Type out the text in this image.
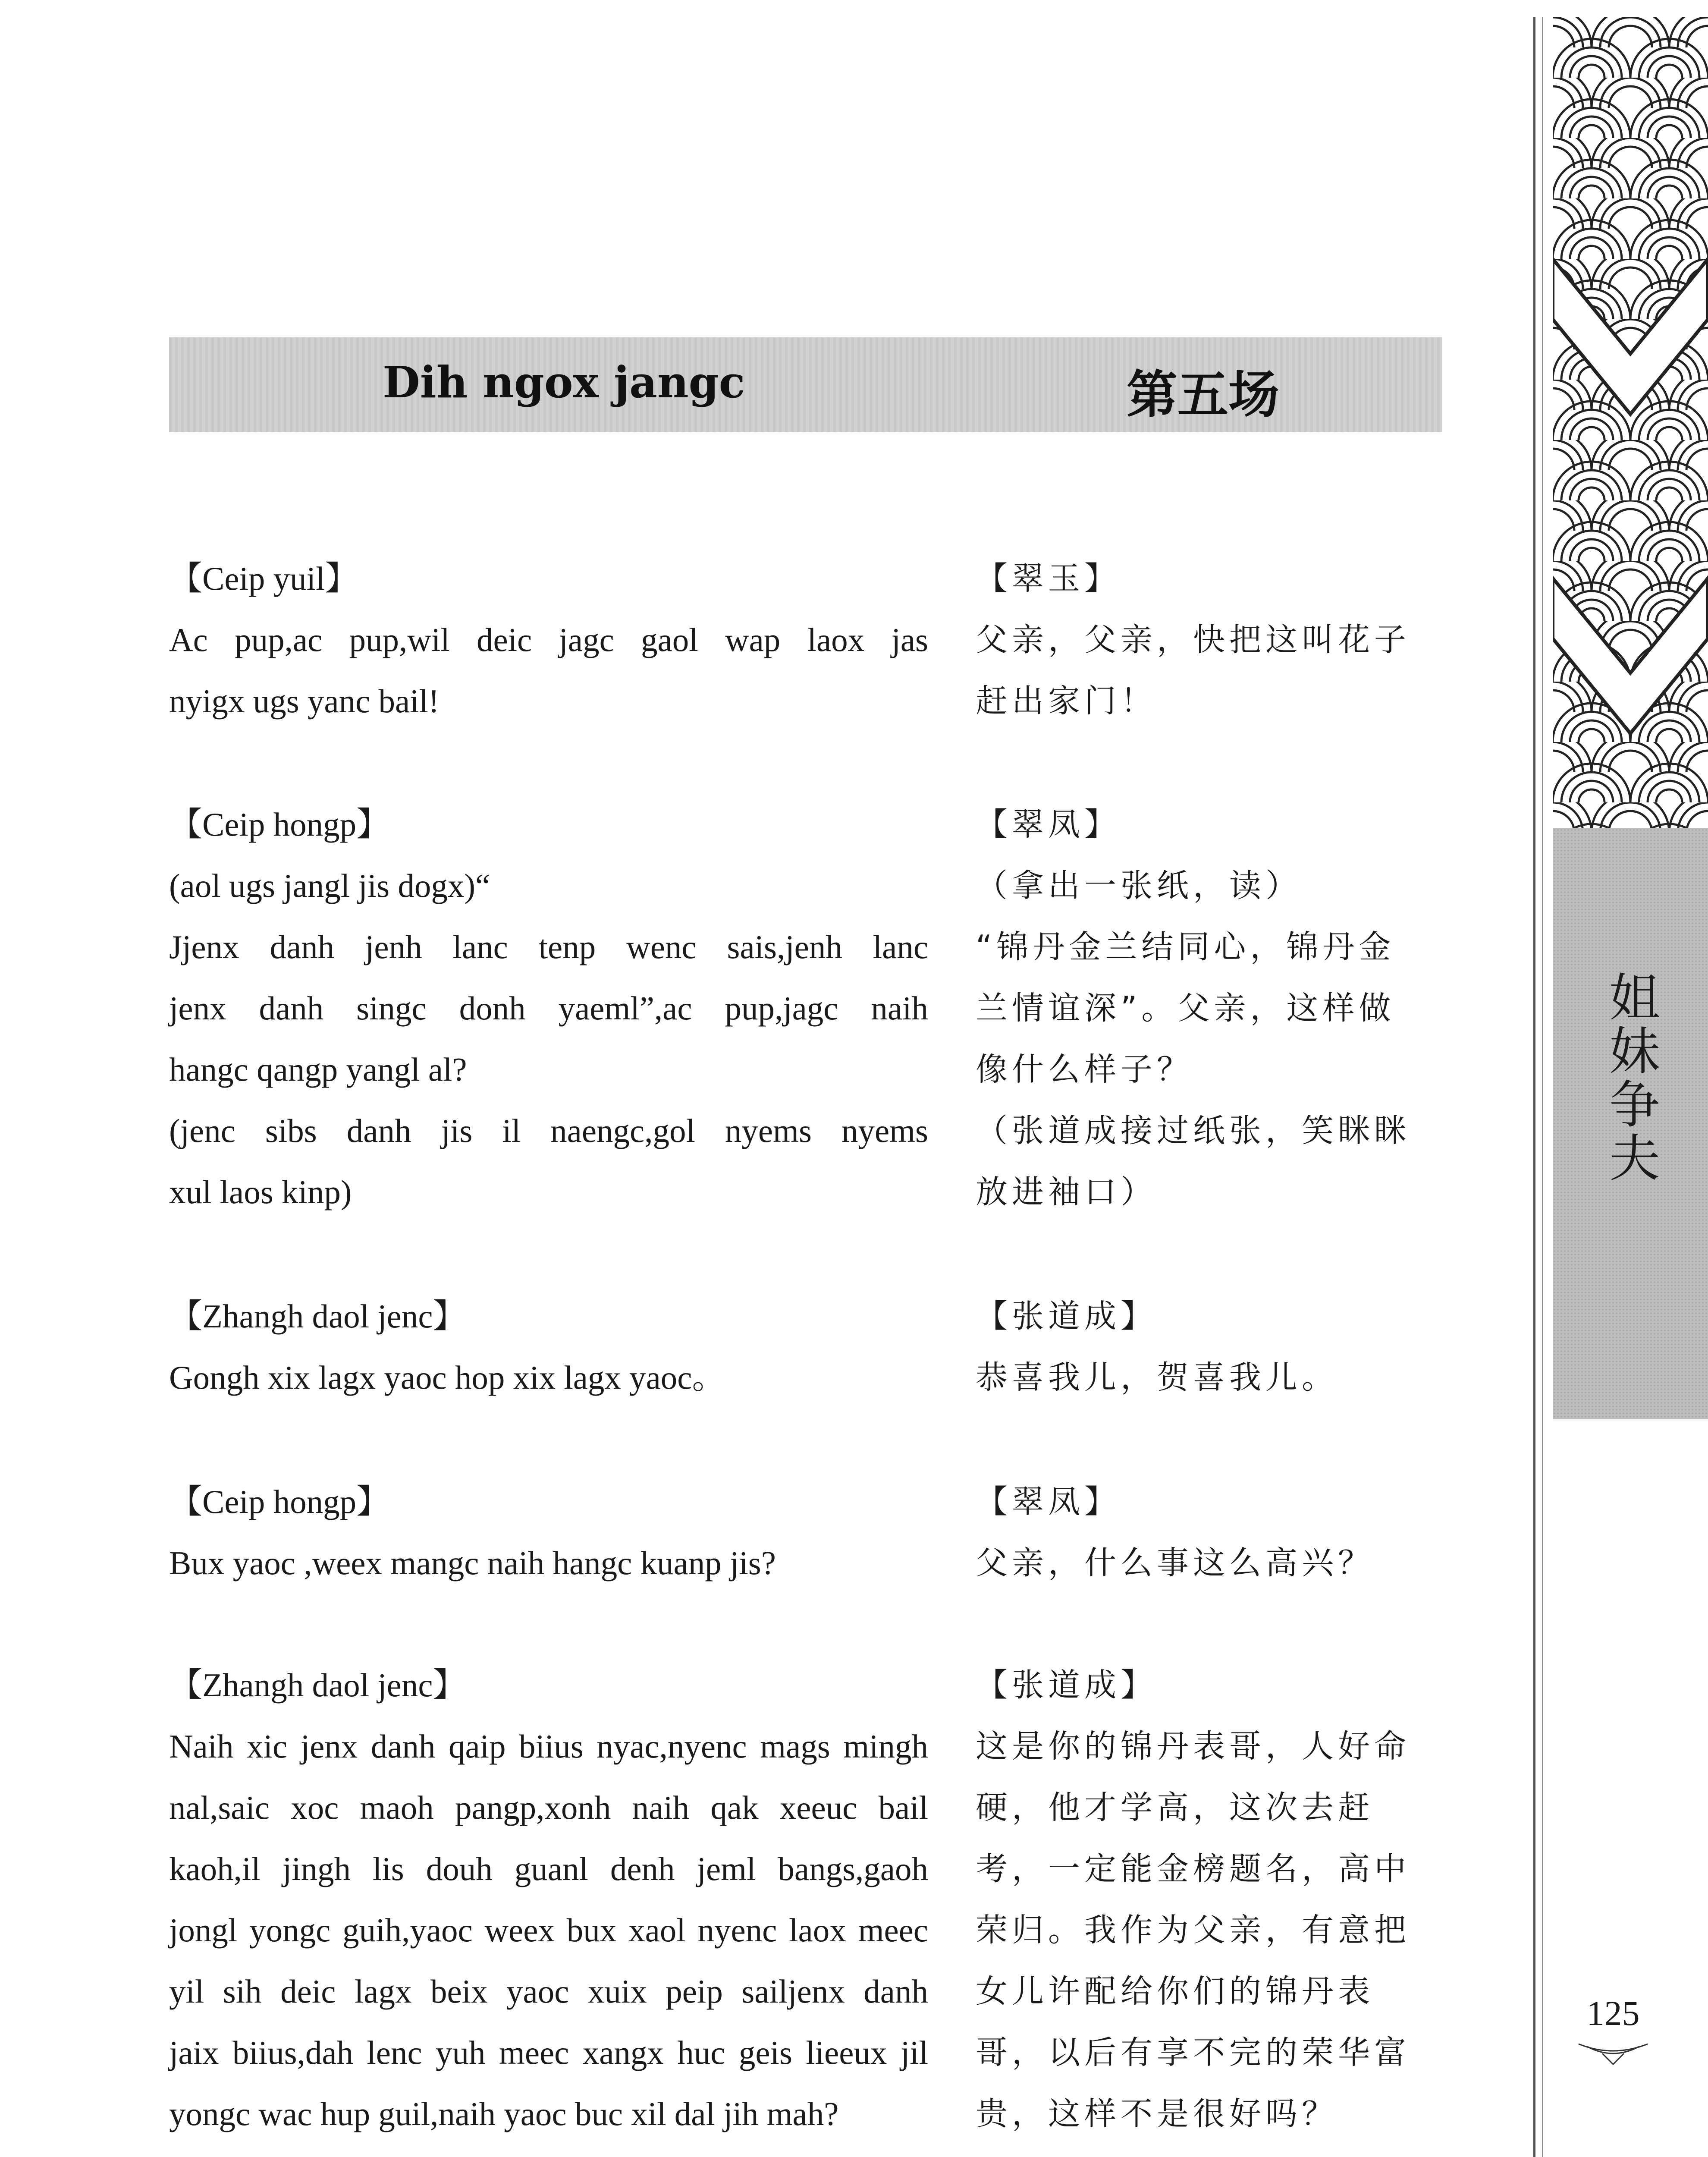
Dih ngox jangc	第五场
【Ceip yuil】
Ac pup,ac pup,wil deic jagc gaol wap laox jas
nyigx ugs yanc bail!
【Ceip hongp】
(aol ugs jangl jis dogx)“
Jjenx danh jenh lanc tenp wenc sais,jenh lanc
jenx danh singc donh yaeml”,ac pup,jagc naih
hangc qangp yangl al?
(jenc sibs danh jis il naengc,gol nyems nyems
xul laos kinp)
【Zhangh daol jenc】
Gongh xix lagx yaoc hop xix lagx yaoc。
【Ceip hongp】
Bux yaoc ,weex mangc naih hangc kuanp jis?
【Zhangh daol jenc】
Naih xic jenx danh qaip biius nyac,nyenc mags mingh
nal,saic xoc maoh pangp,xonh naih qak xeeuc bail
kaoh,il jingh lis douh guanl denh jeml bangs,gaoh
jongl yongc guih,yaoc weex bux xaol nyenc laox meec
yil sih deic lagx beix yaoc xuix peip sailjenx danh
jaix biius,dah lenc yuh meec xangx huc geis lieeux jil
yongc wac hup guil,naih yaoc buc xil dal jih mah?
【翠玉】
父亲，父亲，快把这叫花子
赶出家门！
【翠凤】
（拿出一张纸，读）
“锦丹金兰结同心，锦丹金
兰情谊深”。父亲，这样做
像什么样子？
（张道成接过纸张，笑眯眯
放进袖口）
【张道成】
恭喜我儿，贺喜我儿。
【翠凤】
父亲，什么事这么高兴？
【张道成】
这是你的锦丹表哥，人好命
硬，他才学高，这次去赶
考，一定能金榜题名，高中
荣归。我作为父亲，有意把
女儿许配给你们的锦丹表
哥，以后有享不完的荣华富
贵，这样不是很好吗？
姐妹争夫
125
